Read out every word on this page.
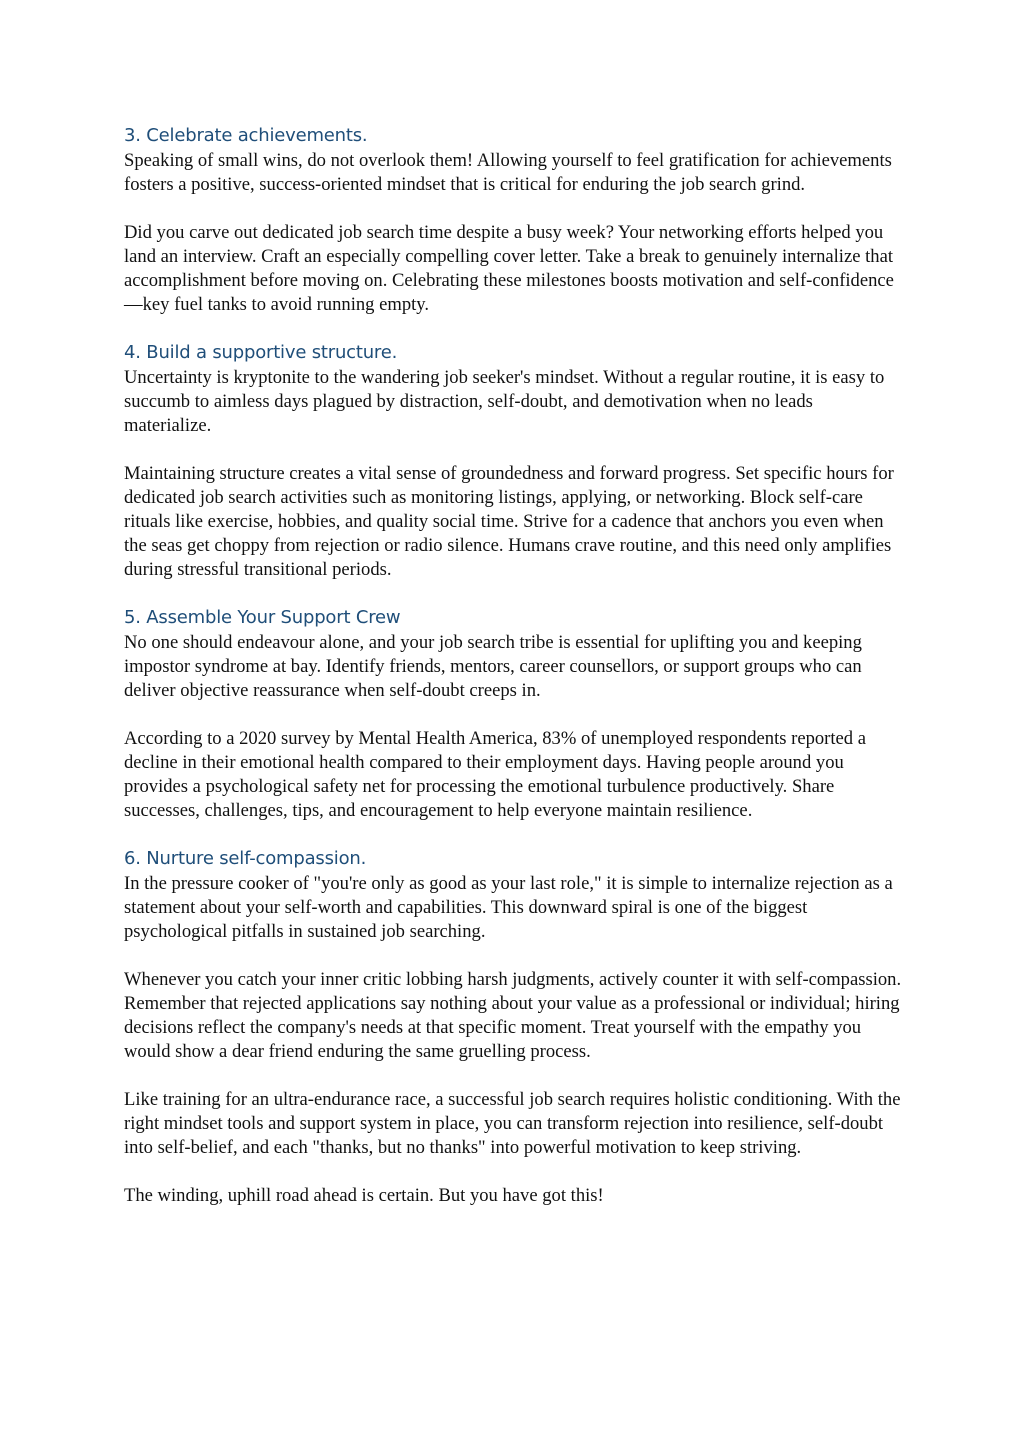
3. Celebrate achievements.

Speaking of small wins, do not overlook them! Allowing yourself to feel gratification for achievements fosters a positive, success-oriented mindset that is critical for enduring the job search grind.

Did you carve out dedicated job search time despite a busy week? Your networking efforts helped you land an interview. Craft an especially compelling cover letter. Take a break to genuinely internalize that accomplishment before moving on. Celebrating these milestones boosts motivation and self-confidence—key fuel tanks to avoid running empty.

4. Build a supportive structure.

Uncertainty is kryptonite to the wandering job seeker's mindset. Without a regular routine, it is easy to succumb to aimless days plagued by distraction, self-doubt, and demotivation when no leads materialize.

Maintaining structure creates a vital sense of groundedness and forward progress. Set specific hours for dedicated job search activities such as monitoring listings, applying, or networking. Block self-care rituals like exercise, hobbies, and quality social time. Strive for a cadence that anchors you even when the seas get choppy from rejection or radio silence. Humans crave routine, and this need only amplifies during stressful transitional periods.

5. Assemble Your Support Crew

No one should endeavour alone, and your job search tribe is essential for uplifting you and keeping impostor syndrome at bay. Identify friends, mentors, career counsellors, or support groups who can deliver objective reassurance when self-doubt creeps in.

According to a 2020 survey by Mental Health America, 83% of unemployed respondents reported a decline in their emotional health compared to their employment days. Having people around you provides a psychological safety net for processing the emotional turbulence productively. Share successes, challenges, tips, and encouragement to help everyone maintain resilience.

6. Nurture self-compassion.

In the pressure cooker of "you're only as good as your last role," it is simple to internalize rejection as a statement about your self-worth and capabilities. This downward spiral is one of the biggest psychological pitfalls in sustained job searching.

Whenever you catch your inner critic lobbing harsh judgments, actively counter it with self-compassion. Remember that rejected applications say nothing about your value as a professional or individual; hiring decisions reflect the company's needs at that specific moment. Treat yourself with the empathy you would show a dear friend enduring the same gruelling process.

Like training for an ultra-endurance race, a successful job search requires holistic conditioning. With the right mindset tools and support system in place, you can transform rejection into resilience, self-doubt into self-belief, and each "thanks, but no thanks" into powerful motivation to keep striving.

The winding, uphill road ahead is certain. But you have got this!
